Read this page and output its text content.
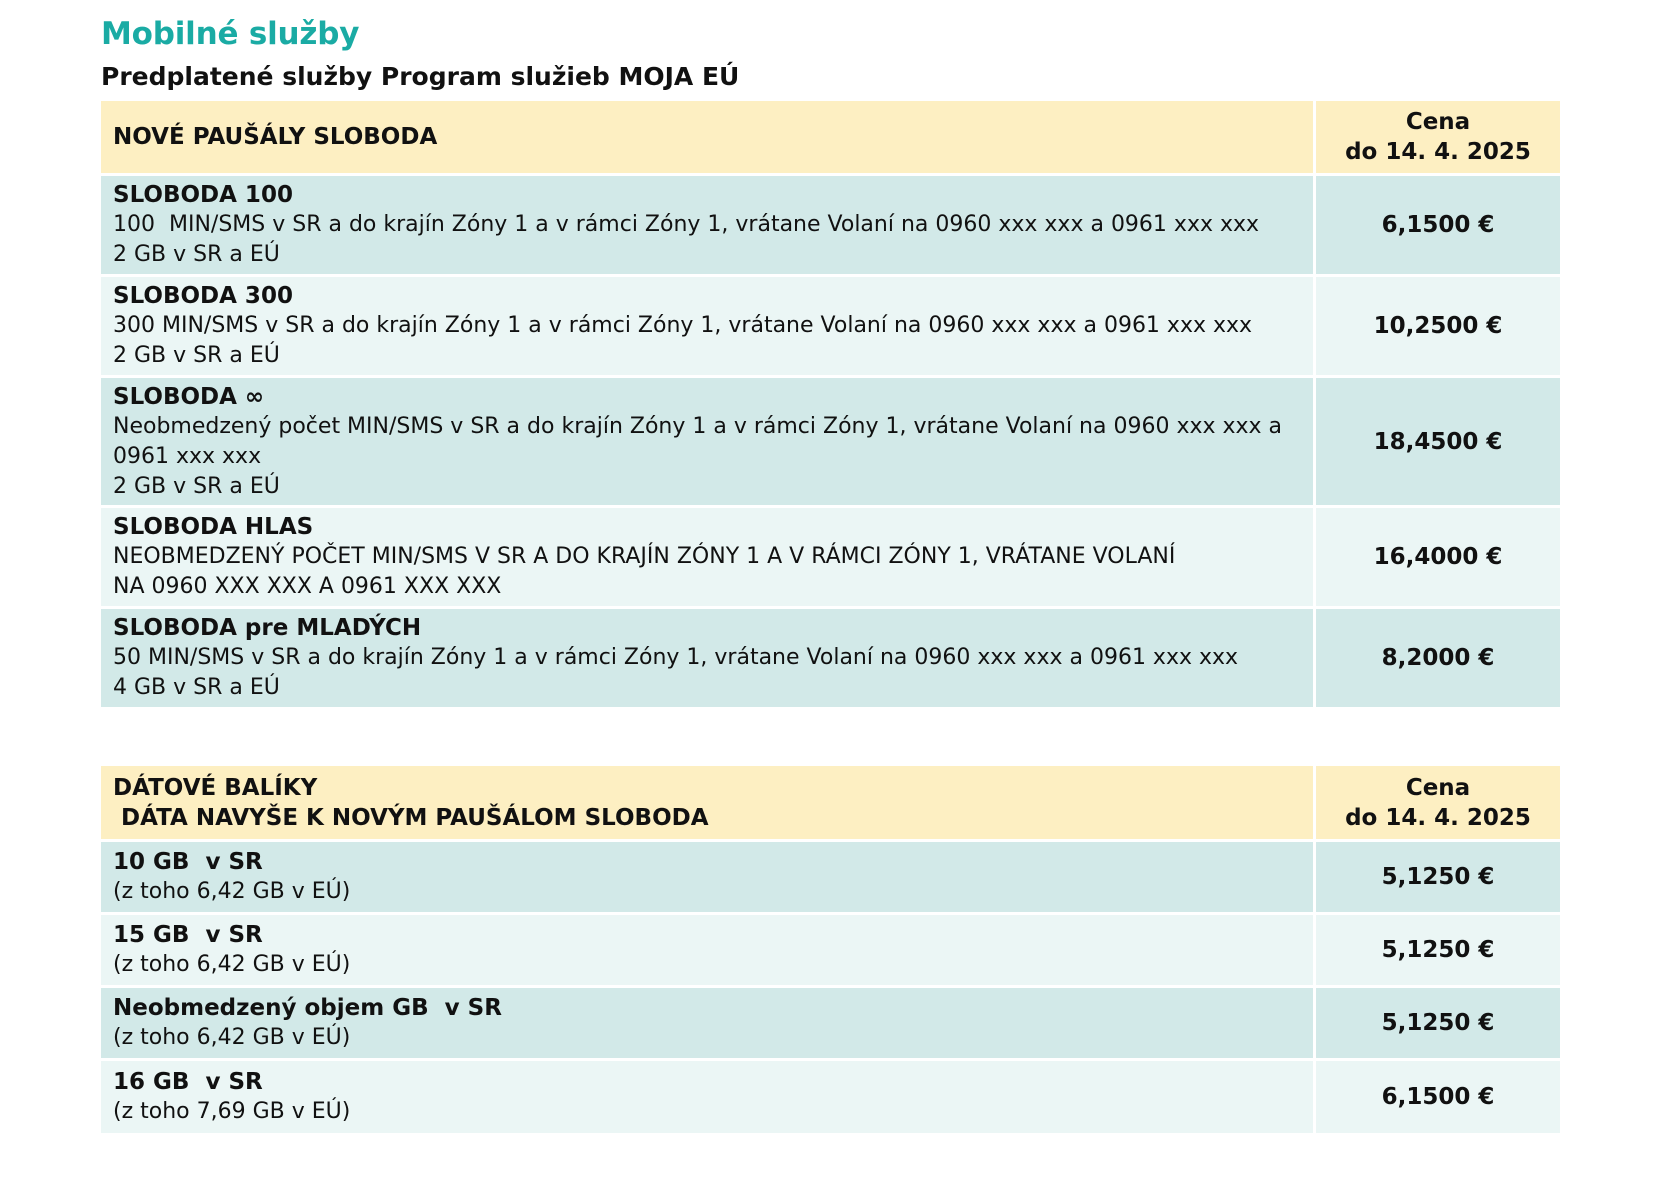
Mobilné služby
Predplatené služby Program služieb MOJA EÚ
NOVÉ PAUŠÁLY SLOBODA
Cena
do 14. 4. 2025
SLOBODA 100
100  MIN/SMS v SR a do krajín Zóny 1 a v rámci Zóny 1, vrátane Volaní na 0960 xxx xxx a 0961 xxx xxx
2 GB v SR a EÚ
6,1500 €
SLOBODA 300
300 MIN/SMS v SR a do krajín Zóny 1 a v rámci Zóny 1, vrátane Volaní na 0960 xxx xxx a 0961 xxx xxx
2 GB v SR a EÚ
10,2500 €
SLOBODA ∞
Neobmedzený počet MIN/SMS v SR a do krajín Zóny 1 a v rámci Zóny 1, vrátane Volaní na 0960 xxx xxx a
0961 xxx xxx
2 GB v SR a EÚ
18,4500 €
SLOBODA HLAS
NEOBMEDZENÝ POČET MIN/SMS V SR A DO KRAJÍN ZÓNY 1 A V RÁMCI ZÓNY 1, VRÁTANE VOLANÍ
NA 0960 XXX XXX A 0961 XXX XXX
16,4000 €
SLOBODA pre MLADÝCH
50 MIN/SMS v SR a do krajín Zóny 1 a v rámci Zóny 1, vrátane Volaní na 0960 xxx xxx a 0961 xxx xxx
4 GB v SR a EÚ
8,2000 €
DÁTOVÉ BALÍKY
DÁTA NAVYŠE K NOVÝM PAUŠÁLOM SLOBODA
Cena
do 14. 4. 2025
10 GB  v SR
(z toho 6,42 GB v EÚ)
5,1250 €
15 GB  v SR
(z toho 6,42 GB v EÚ)
5,1250 €
Neobmedzený objem GB  v SR
(z toho 6,42 GB v EÚ)
5,1250 €
16 GB  v SR
(z toho 7,69 GB v EÚ)
6,1500 €
